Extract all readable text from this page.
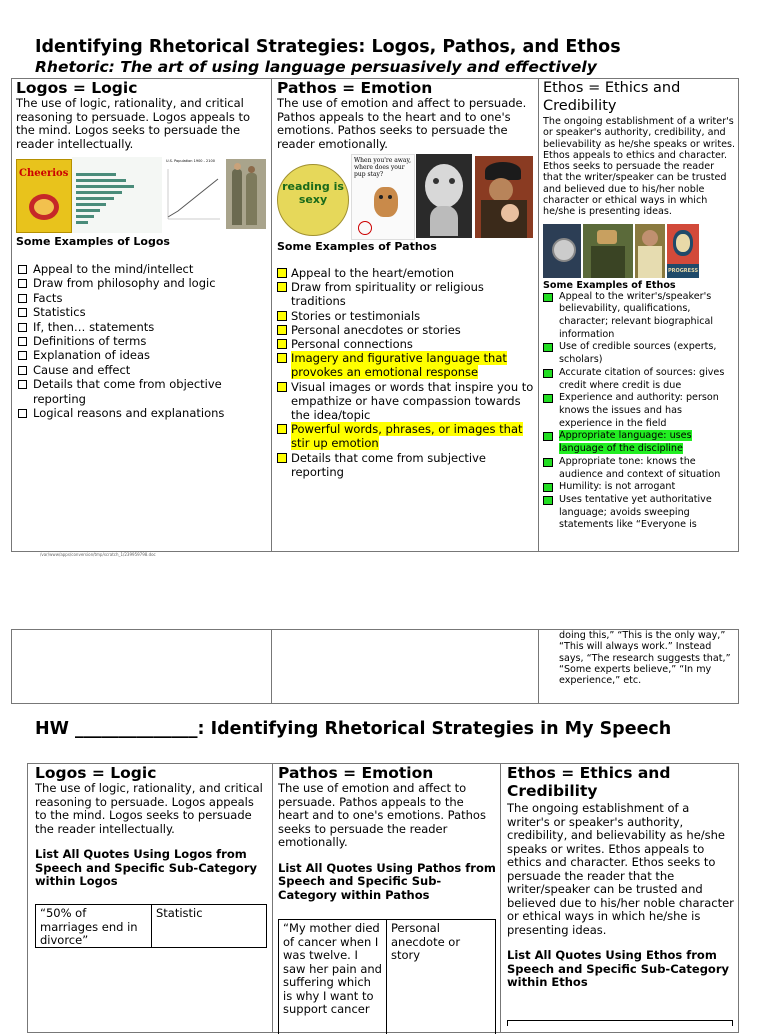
Identifying Rhetorical Strategies: Logos, Pathos, and Ethos
Rhetoric: The art of using language persuasively and effectively
Logos = Logic
The use of logic, rationality, and critical reasoning to persuade. Logos appeals to the mind. Logos seeks to persuade the reader intellectually.
Cheerios
U.S. Population 1900 - 2100
Some Examples of Logos
Appeal to the mind/intellect
Draw from philosophy and logic
Facts
Statistics
If, then… statements
Definitions of terms
Explanation of ideas
Cause and effect
Details that come from objective reporting
Logical reasons and explanations
Pathos = Emotion
The use of emotion and affect to persuade. Pathos appeals to the heart and to one's emotions. Pathos seeks to persuade the reader emotionally.
reading is sexy
When you're away, where does your pup stay?
Some Examples of Pathos
Appeal to the heart/emotion
Draw from spirituality or religious traditions
Stories or testimonials
Personal anecdotes or stories
Personal connections
Imagery and figurative language that provokes an emotional response
Visual images or words that inspire you to empathize or have compassion towards the idea/topic
Powerful words, phrases, or images that stir up emotion
Details that come from subjective reporting
Ethos = Ethics and Credibility
The ongoing establishment of a writer's or speaker's authority, credibility, and believability as he/she speaks or writes. Ethos appeals to ethics and character. Ethos seeks to persuade the reader that the writer/speaker can be trusted and believed due to his/her noble character or ethical ways in which he/she is presenting ideas.
PROGRESS
Some Examples of Ethos
Appeal to the writer's/speaker's believability, qualifications, character; relevant biographical information
Use of credible sources (experts, scholars)
Accurate citation of sources: gives credit where credit is due
Experience and authority: person knows the issues and has experience in the field
Appropriate language: uses language of the discipline
Appropriate tone: knows the audience and context of situation
Humility: is not arrogant
Uses tentative yet authoritative language; avoids sweeping statements like “Everyone is
/var/www/apps/conversion/tmp/scratch_1/239959798.doc
doing this,” “This is the only way,” “This will always work.” Instead says, “The research suggests that,” “Some experts believe,” “In my experience,” etc.
HW ______________: Identifying Rhetorical Strategies in My Speech
Logos = Logic
The use of logic, rationality, and critical reasoning to persuade. Logos appeals to the mind. Logos seeks to persuade the reader intellectually.
List All Quotes Using Logos from Speech and Specific Sub-Category within Logos
“50% of marriages end in divorce”
Statistic
Pathos = Emotion
The use of emotion and affect to persuade. Pathos appeals to the heart and to one's emotions. Pathos seeks to persuade the reader emotionally.
List All Quotes Using Pathos from Speech and Specific Sub-Category within Pathos
“My mother died of cancer when I was twelve. I saw her pain and suffering which is why I want to support cancer
Personal anecdote or story
Ethos = Ethics and Credibility
The ongoing establishment of a writer's or speaker's authority, credibility, and believability as he/she speaks or writes. Ethos appeals to ethics and character. Ethos seeks to persuade the reader that the writer/speaker can be trusted and believed due to his/her noble character or ethical ways in which he/she is presenting ideas.
List All Quotes Using Ethos from Speech and Specific Sub-Category within Ethos
